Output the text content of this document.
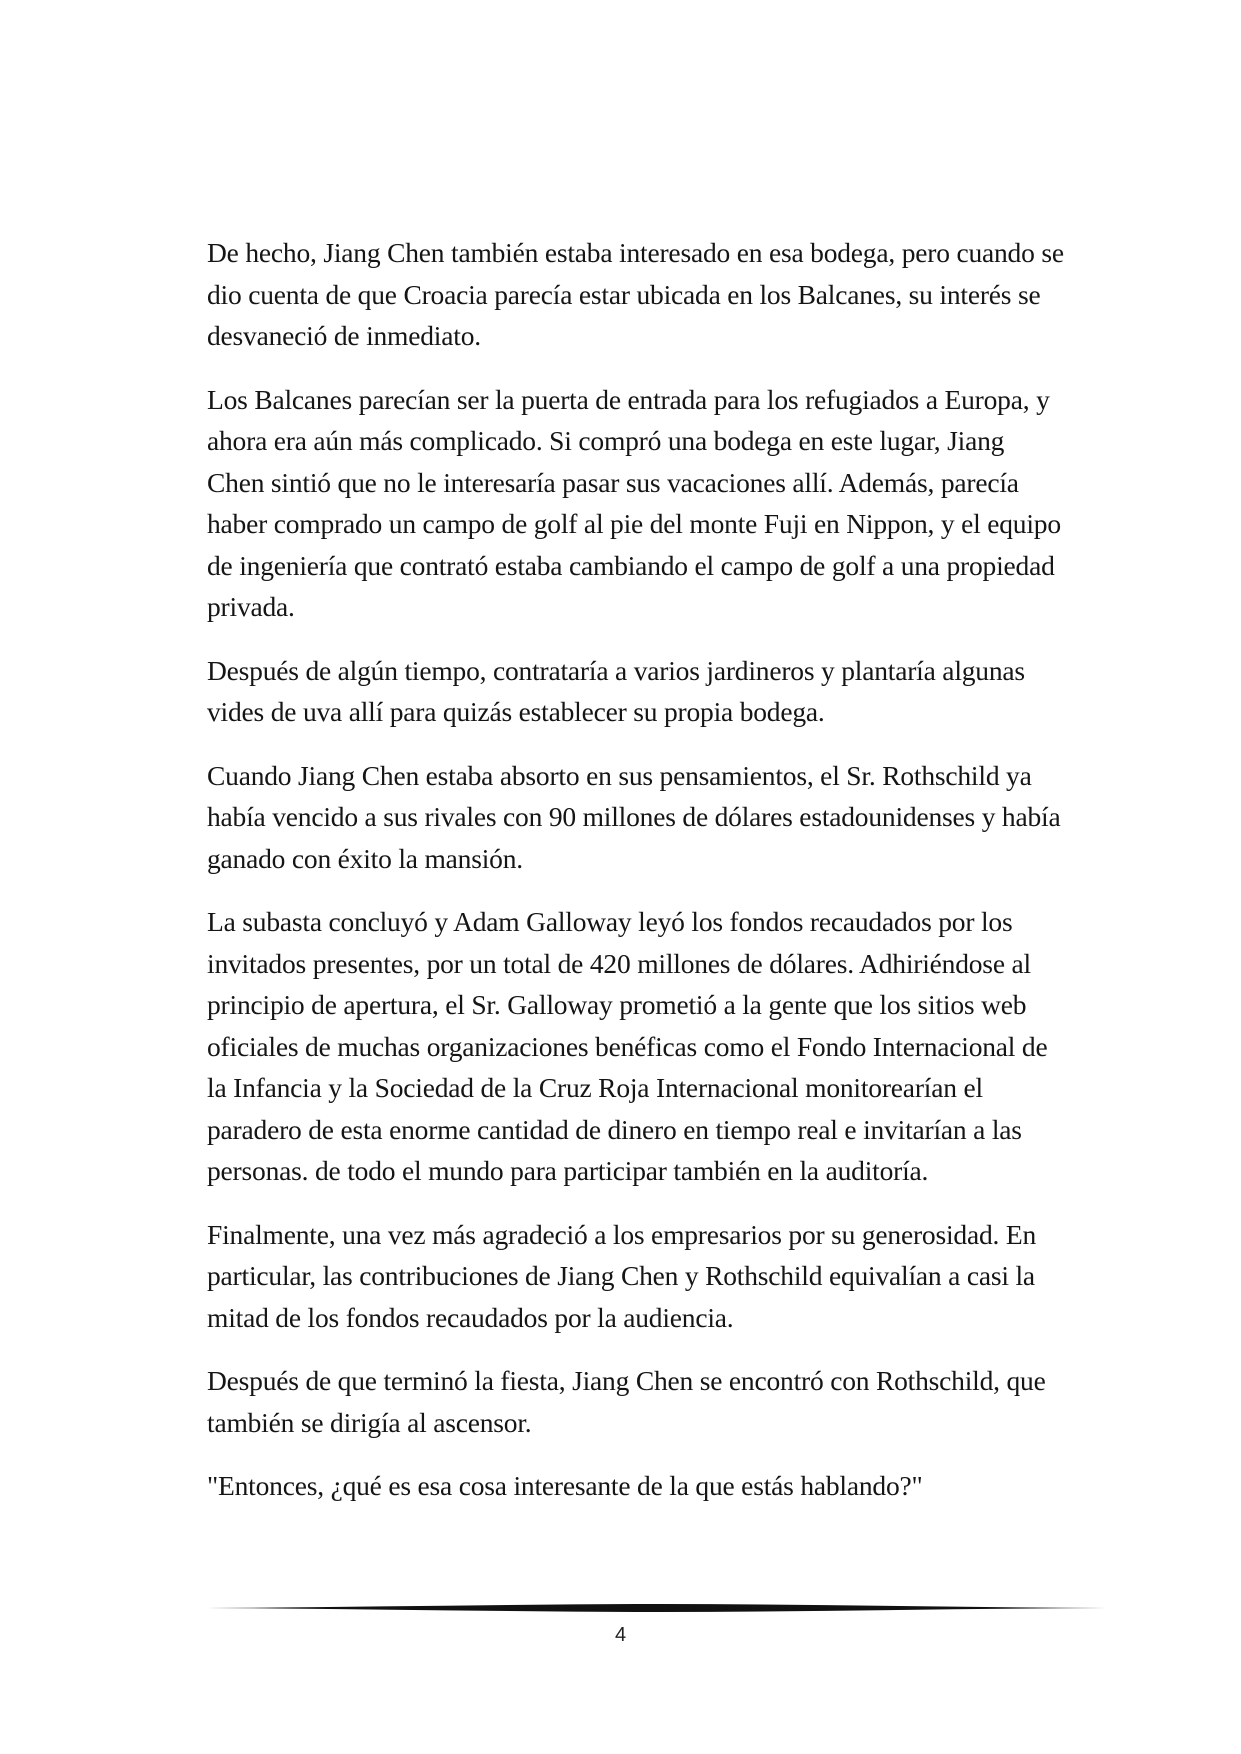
De hecho, Jiang Chen también estaba interesado en esa bodega, pero cuando se dio cuenta de que Croacia parecía estar ubicada en los Balcanes, su interés se desvaneció de inmediato.

Los Balcanes parecían ser la puerta de entrada para los refugiados a Europa, y ahora era aún más complicado. Si compró una bodega en este lugar, Jiang Chen sintió que no le interesaría pasar sus vacaciones allí. Además, parecía haber comprado un campo de golf al pie del monte Fuji en Nippon, y el equipo de ingeniería que contrató estaba cambiando el campo de golf a una propiedad privada.

Después de algún tiempo, contrataría a varios jardineros y plantaría algunas vides de uva allí para quizás establecer su propia bodega.

Cuando Jiang Chen estaba absorto en sus pensamientos, el Sr. Rothschild ya había vencido a sus rivales con 90 millones de dólares estadounidenses y había ganado con éxito la mansión.

La subasta concluyó y Adam Galloway leyó los fondos recaudados por los invitados presentes, por un total de 420 millones de dólares. Adhiriéndose al principio de apertura, el Sr. Galloway prometió a la gente que los sitios web oficiales de muchas organizaciones benéficas como el Fondo Internacional de la Infancia y la Sociedad de la Cruz Roja Internacional monitorearían el paradero de esta enorme cantidad de dinero en tiempo real e invitarían a las personas. de todo el mundo para participar también en la auditoría.

Finalmente, una vez más agradeció a los empresarios por su generosidad. En particular, las contribuciones de Jiang Chen y Rothschild equivalían a casi la mitad de los fondos recaudados por la audiencia.

Después de que terminó la fiesta, Jiang Chen se encontró con Rothschild, que también se dirigía al ascensor.

"Entonces, ¿qué es esa cosa interesante de la que estás hablando?"

4
